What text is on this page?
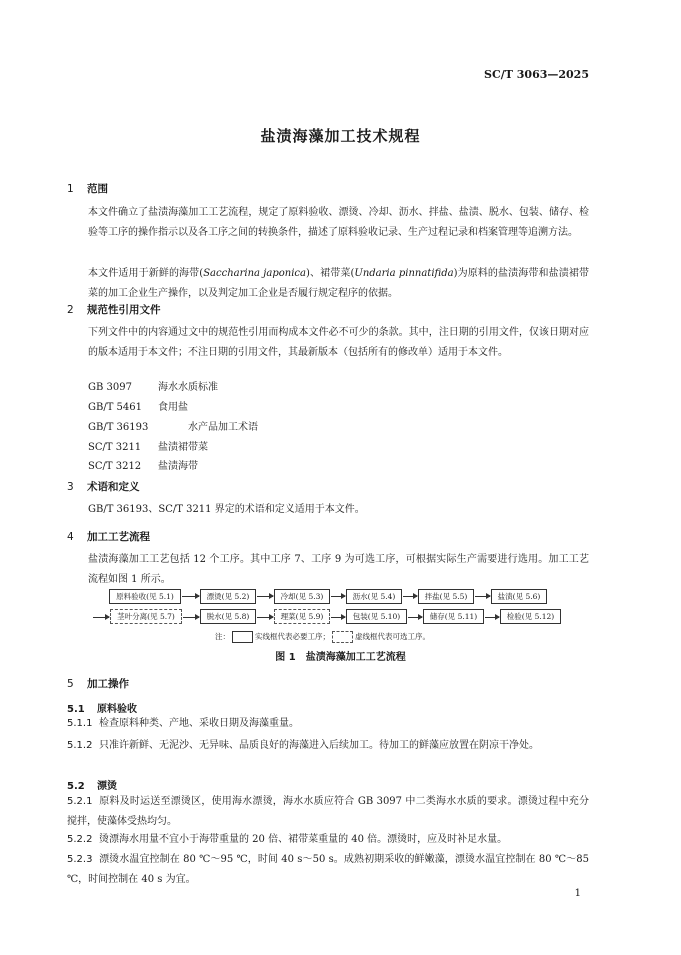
SC/T 3063—2025
盐渍海藻加工技术规程
1 范围
本文件确立了盐渍海藻加工工艺流程，规定了原料验收、漂烫、冷却、沥水、拌盐、盐渍、脱水、包装、储存、检验等工序的操作指示以及各工序之间的转换条件，描述了原料验收记录、生产过程记录和档案管理等追溯方法。
本文件适用于新鲜的海带(Saccharina japonica)、裙带菜(Undaria pinnatifida)为原料的盐渍海带和盐渍裙带菜的加工企业生产操作，以及判定加工企业是否履行规定程序的依据。
2 规范性引用文件
下列文件中的内容通过文中的规范性引用而构成本文件必不可少的条款。其中，注日期的引用文件，仅该日期对应的版本适用于本文件；不注日期的引用文件，其最新版本（包括所有的修改单）适用于本文件。
GB 3097	海水水质标准
GB/T 5461 食用盐
GB/T 36193	水产品加工术语
SC/T 3211 盐渍裙带菜
SC/T 3212 盐渍海带
3 术语和定义
GB/T 36193、SC/T 3211 界定的术语和定义适用于本文件。
4 加工工艺流程
盐渍海藻加工工艺包括 12 个工序。其中工序 7、工序 9 为可选工序，可根据实际生产需要进行选用。加工工艺流程如图 1 所示。
原料验收(见 5.1)	漂烫(见 5.2)	冷却(见 5.3)	沥水(见 5.4)	拌盐(见 5.5)	盐渍(见 5.6)
茎叶分离(见 5.7)	脱水(见 5.8)	理菜(见 5.9)	包装(见 5.10)	储存(见 5.11)	检验(见 5.12)
注：	实线框代表必要工序；	虚线框代表可选工序。
图 1　盐渍海藻加工工艺流程
5 加工操作
5.1 原料验收
5.1.1 检查原料种类、产地、采收日期及海藻重量。
5.1.2 只准许新鲜、无泥沙、无异味、品质良好的海藻进入后续加工。待加工的鲜藻应放置在阴凉干净处。
5.2 漂烫
5.2.1 原料及时运送至漂烫区，使用海水漂烫，海水水质应符合 GB 3097 中二类海水水质的要求。漂烫过程中充分搅拌，使藻体受热均匀。
5.2.2 烫漂海水用量不宜小于海带重量的 20 倍、裙带菜重量的 40 倍。漂烫时，应及时补足水量。
5.2.3 漂烫水温宜控制在 80 ℃～95 ℃，时间 40 s～50 s。成熟初期采收的鲜嫩藻，漂烫水温宜控制在 80 ℃～85 ℃，时间控制在 40 s 为宜。
1
